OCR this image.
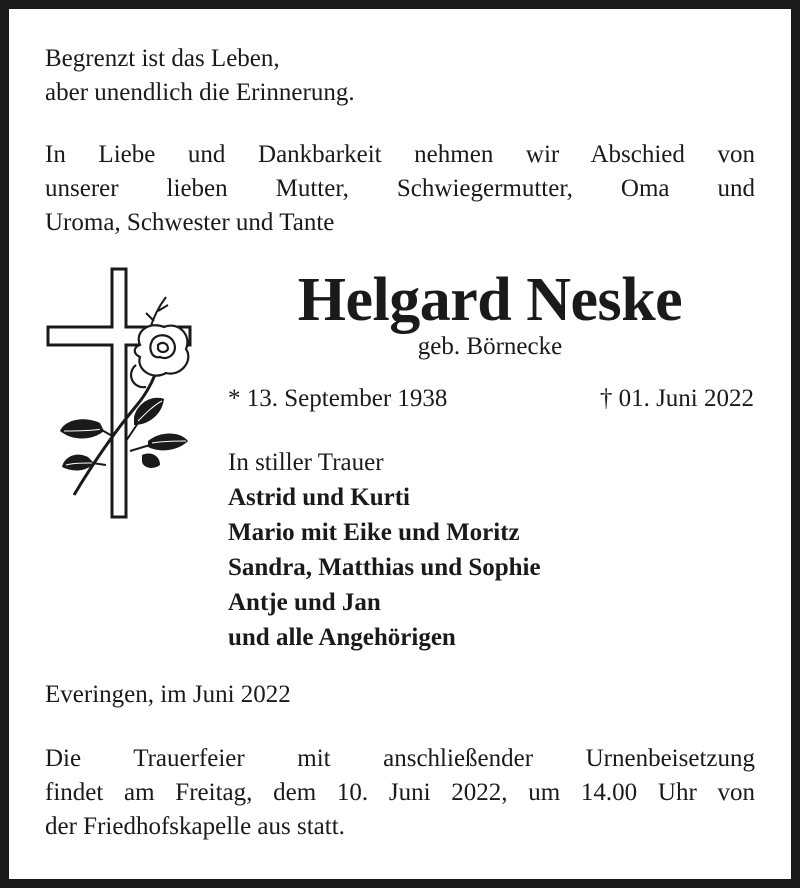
Begrenzt ist das Leben,
aber unendlich die Erinnerung.

In Liebe und Dankbarkeit nehmen wir Abschied von
unserer lieben Mutter, Schwiegermutter, Oma und
Uroma, Schwester und Tante

Helgard Neske
geb. Börnecke
* 13. September 1938	† 01. Juni 2022
In stiller Trauer
Astrid und Kurti
Mario mit Eike und Moritz
Sandra, Matthias und Sophie
Antje und Jan
und alle Angehörigen

Everingen, im Juni 2022

Die Trauerfeier mit anschließender Urnenbeisetzung
findet am Freitag, dem 10. Juni 2022, um 14.00 Uhr von
der Friedhofskapelle aus statt.
